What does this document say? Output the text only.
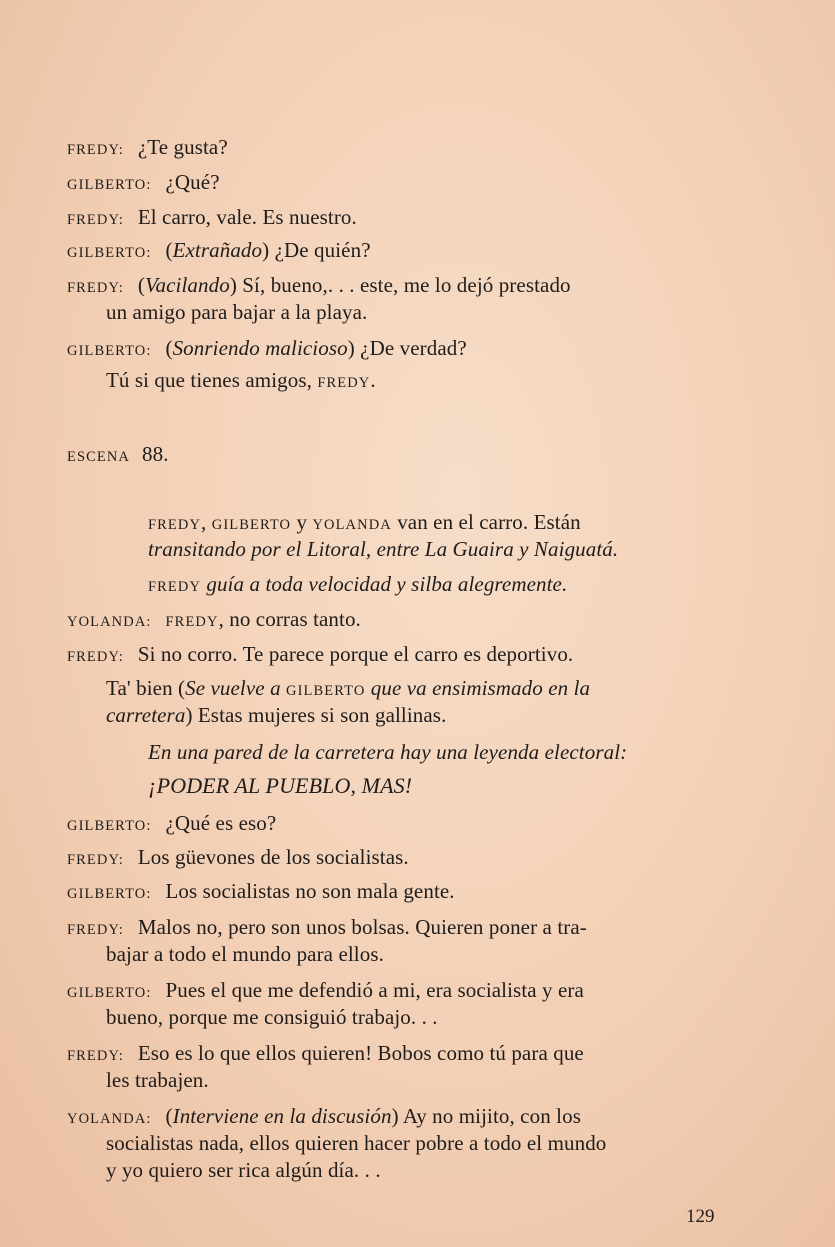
FREDY: ¿Te gusta?
GILBERTO: ¿Qué?
FREDY: El carro, vale. Es nuestro.
GILBERTO: (Extrañado) ¿De quién?
FREDY: (Vacilando) Sí, bueno,. . . este, me lo dejó prestado
un amigo para bajar a la playa.
GILBERTO: (Sonriendo malicioso) ¿De verdad?
Tú si que tienes amigos, FREDY.
ESCENA 88.
FREDY, GILBERTO y YOLANDA van en el carro. Están
transitando por el Litoral, entre La Guaira y Naiguatá.
FREDY guía a toda velocidad y silba alegremente.
YOLANDA: FREDY, no corras tanto.
FREDY: Si no corro. Te parece porque el carro es deportivo.
Ta' bien (Se vuelve a GILBERTO que va ensimismado en la
carretera) Estas mujeres si son gallinas.
En una pared de la carretera hay una leyenda electoral:
¡PODER AL PUEBLO, MAS!
GILBERTO: ¿Qué es eso?
FREDY: Los güevones de los socialistas.
GILBERTO: Los socialistas no son mala gente.
FREDY: Malos no, pero son unos bolsas. Quieren poner a tra-
bajar a todo el mundo para ellos.
GILBERTO: Pues el que me defendió a mi, era socialista y era
bueno, porque me consiguió trabajo. . .
FREDY: Eso es lo que ellos quieren! Bobos como tú para que
les trabajen.
YOLANDA: (Interviene en la discusión) Ay no mijito, con los
socialistas nada, ellos quieren hacer pobre a todo el mundo
y yo quiero ser rica algún día. . .
129
